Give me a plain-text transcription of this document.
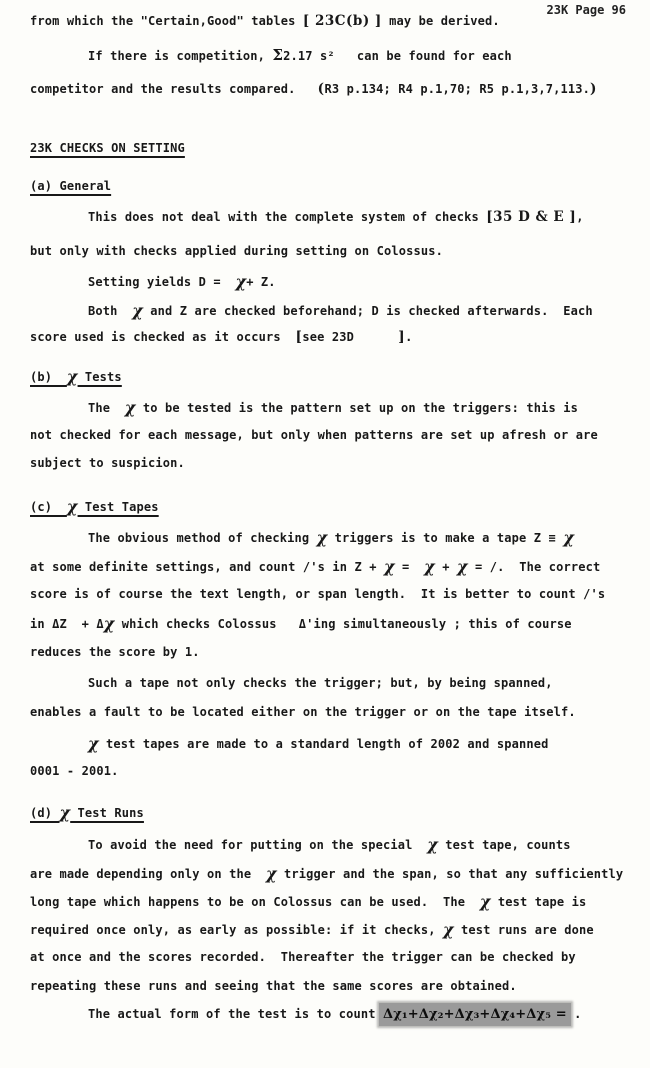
23K Page 96

from which the "Certain,Good" tables [ 23C(b) ] may be derived.

If there is competition, Σ2.17 s²   can be found for each

competitor and the results compared.   (R3 p.134; R4 p.1,70; R5 p.1,3,7,113.)

23K CHECKS ON SETTING

(a) General

This does not deal with the complete system of checks [35 D & E ],

but only with checks applied during setting on Colossus.

Setting yields D =  χ+ Z.

Both  χ and Z are checked beforehand; D is checked afterwards.  Each

score used is checked as it occurs  [see 23D      ].

(b)  χ Tests

The  χ to be tested is the pattern set up on the triggers: this is

not checked for each message, but only when patterns are set up afresh or are

subject to suspicion.

(c)  χ Test Tapes

The obvious method of checking χ triggers is to make a tape Z ≡ χ

at some definite settings, and count /'s in Z + χ =  χ + χ = /.  The correct

score is of course the text length, or span length.  It is better to count /'s

in ΔZ  + Δχ which checks Colossus   Δ'ing simultaneously ; this of course

reduces the score by 1.

Such a tape not only checks the trigger; but, by being spanned,

enables a fault to be located either on the trigger or on the tape itself.

χ test tapes are made to a standard length of 2002 and spanned

0001 - 2001.

(d) χ Test Runs

To avoid the need for putting on the special  χ test tape, counts

are made depending only on the  χ trigger and the span, so that any sufficiently

long tape which happens to be on Colossus can be used.  The  χ test tape is

required once only, as early as possible: if it checks, χ test runs are done

at once and the scores recorded.  Thereafter the trigger can be checked by

repeating these runs and seeing that the same scores are obtained.

The actual form of the test is to count Δχ₁+Δχ₂+Δχ₃+Δχ₄+Δχ₅ = .
